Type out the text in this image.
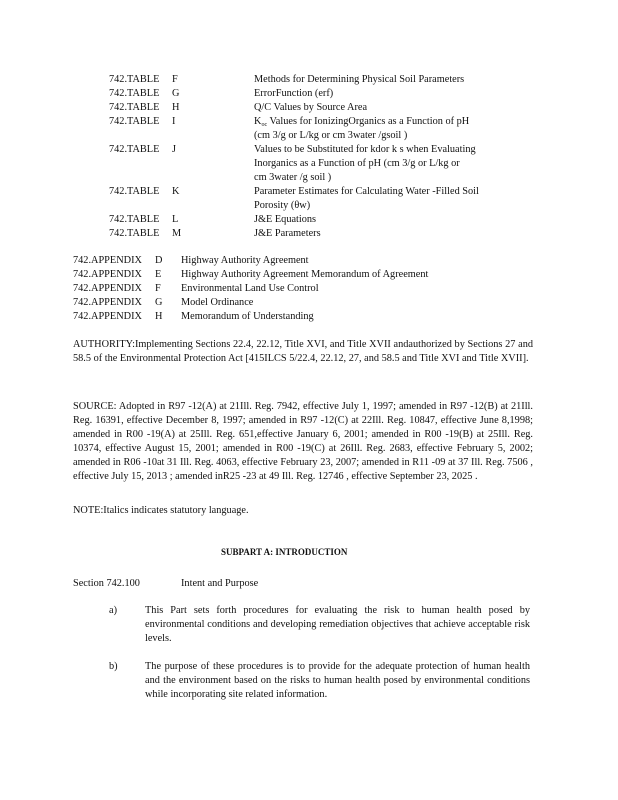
742.TABLE F	Methods for Determining Physical Soil Parameters
742.TABLE G	ErrorFunction (erf)
742.TABLE H	Q/C Values by Source Area
742.TABLE I	Koc Values for IonizingOrganics as a Function of pH
(cm 3/g or L/kg or cm 3water /gsoil )
742.TABLE J	Values to be Substituted for kdor k s when Evaluating
Inorganics as a Function of pH (cm 3/g or L/kg or
cm 3water /g soil )
742.TABLE K	Parameter Estimates for Calculating Water -Filled Soil
Porosity (θw)
742.TABLE L	J&E Equations
742.TABLE M	J&E Parameters
742.APPENDIX D Highway Authority Agreement
742.APPENDIX E Highway Authority Agreement Memorandum of Agreement
742.APPENDIX F Environmental Land Use Control
742.APPENDIX G Model Ordinance
742.APPENDIX H Memorandum of Understanding
AUTHORITY:Implementing Sections 22.4, 22.12, Title XVI, and Title XVII andauthorized by Sections 27 and 58.5 of the Environmental Protection Act [415ILCS 5/22.4, 22.12, 27, and 58.5 and Title XVI and Title XVII].
SOURCE: Adopted in R97 -12(A) at 21Ill. Reg. 7942, effective July 1, 1997; amended in R97 -12(B) at 21Ill. Reg. 16391, effective December 8, 1997; amended in R97 -12(C) at 22Ill. Reg. 10847, effective June 8,1998; amended in R00 -19(A) at 25Ill. Reg. 651,effective January 6, 2001; amended in R00 -19(B) at 25Ill. Reg. 10374, effective August 15, 2001; amended in R00 -19(C) at 26Ill. Reg. 2683, effective February 5, 2002; amended in R06 -10at 31 Ill. Reg. 4063, effective February 23, 2007; amended in R11 -09 at 37 Ill. Reg. 7506 , effective July 15, 2013 ; amended inR25 -23 at 49 Ill. Reg. 12746 , effective September 23, 2025 .
NOTE:Italics indicates statutory language.
SUBPART A: INTRODUCTION
Section 742.100	Intent and Purpose
a)	This Part sets forth procedures for evaluating the risk to human health posed by environmental conditions and developing remediation objectives that achieve acceptable risk levels.
b)	The purpose of these procedures is to provide for the adequate protection of human health and the environment based on the risks to human health posed by environmental conditions while incorporating site related information.
